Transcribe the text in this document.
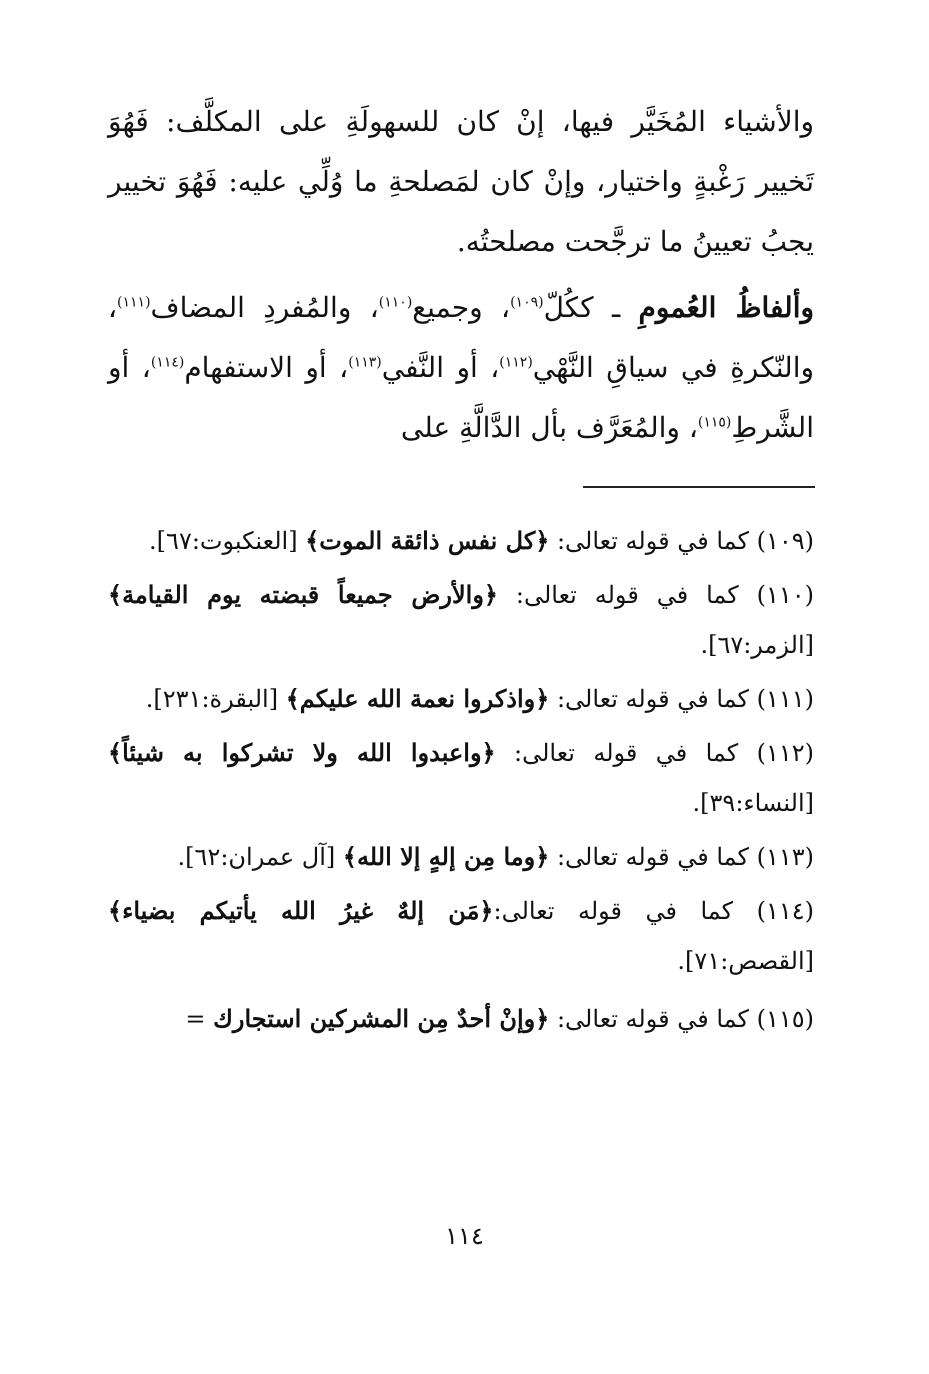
والأشياء المُخَيَّر فيها، إنْ كان للسهولَةِ على المكلَّف: فَهُوَ تَخيير رَغْبةٍ واختيار، وإنْ كان لمَصلحةِ ما وُلِّي عليه: فَهُوَ تخيير يجبُ تعيينُ ما ترجَّحت مصلحتُه.

وألفاظُ العُمومِ ـ ككُلّ$^{(١٠٩)}$، وجميع$^{(١١٠)}$، والمُفردِ المضاف$^{(١١١)}$، والنّكرةِ في سياقِ النَّهْي$^{(١١٢)}$، أو النَّفي$^{(١١٣)}$، أو الاستفهام$^{(١١٤)}$، أو الشَّرطِ$^{(١١٥)}$، والمُعَرَّف بأل الدَّالَّةِ على

(١٠٩) كما في قوله تعالى: ﴿كل نفس ذائقة الموت﴾ [العنكبوت:٦٧].

(١١٠) كما في قوله تعالى: ﴿والأرض جميعاً قبضته يوم القيامة﴾ [الزمر:٦٧].

(١١١) كما في قوله تعالى: ﴿واذكروا نعمة الله عليكم﴾ [البقرة:٢٣١].

(١١٢) كما في قوله تعالى: ﴿واعبدوا الله ولا تشركوا به شيئاً﴾ [النساء:٣٩].

(١١٣) كما في قوله تعالى: ﴿وما مِن إلهٍ إلا الله﴾ [آل عمران:٦٢].

(١١٤) كما في قوله تعالى:﴿مَن إلهٌ غيرُ الله يأتيكم بضياء﴾ [القصص:٧١].

(١١٥) كما في قوله تعالى: ﴿وإنْ أحدٌ مِن المشركين استجارك =

١١٤
